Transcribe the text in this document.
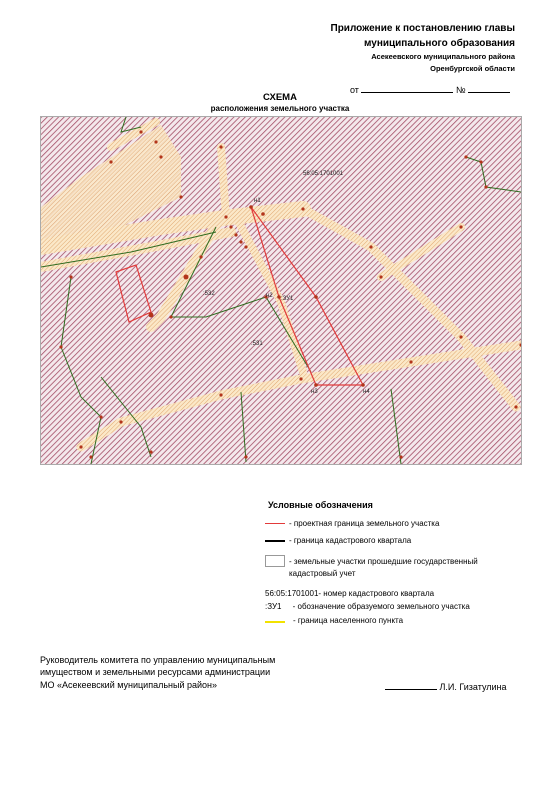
Приложение к постановлению главы
муниципального образования
Асекеевского муниципального района
Оренбургской области
от	№
СХЕМА
расположения земельного участка
56:05:1701001
:ЗУ1
:532
:531
н1
н2
н3	н4
Условные обозначения
- проектная граница земельного участка
- граница кадастрового квартала
- земельные участки прошедшие государственный
кадастровый учет
56:05:1701001- номер кадастрового квартала
:ЗУ1     - обозначение образуемого земельного участка
- граница населенного пункта
Руководитель комитета по управлению муниципальным
имуществом и земельными ресурсами администрации
МО «Асекеевский муниципальный район»	Л.И. Гизатулина
